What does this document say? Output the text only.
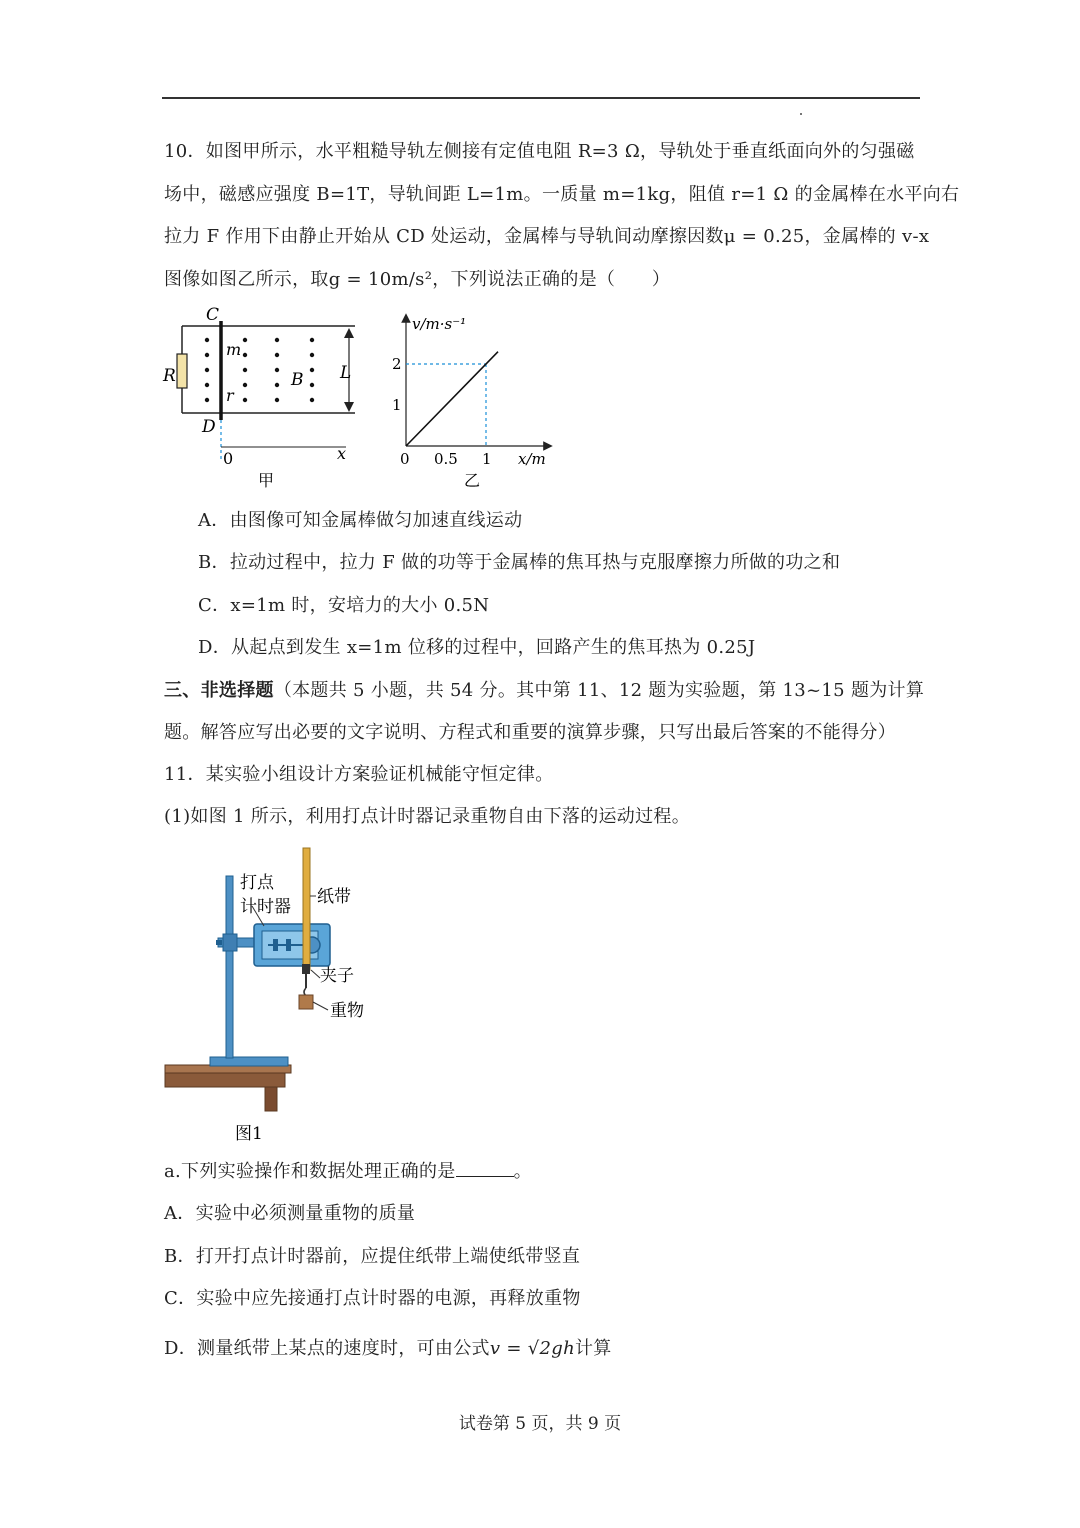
10．如图甲所示，水平粗糙导轨左侧接有定值电阻 R=3 Ω，导轨处于垂直纸面向外的匀强磁
场中，磁感应强度 B=1T，导轨间距 L=1m。一质量 m=1kg，阻值 r=1 Ω 的金属棒在水平向右
拉力 F 作用下由静止开始从 CD 处运动，金属棒与导轨间动摩擦因数μ = 0.25，金属棒的 v-x
图像如图乙所示，取g = 10m/s²，下列说法正确的是（　　）
C
D
R
m
r
B L
0	x
甲
1
2
0 0.5 1
v/m·s⁻¹
x/m
乙
A．由图像可知金属棒做匀加速直线运动
B．拉动过程中，拉力 F 做的功等于金属棒的焦耳热与克服摩擦力所做的功之和
C．x=1m 时，安培力的大小 0.5N
D．从起点到发生 x=1m 位移的过程中，回路产生的焦耳热为 0.25J
三、非选择题（本题共 5 小题，共 54 分。其中第 11、12 题为实验题，第 13~15 题为计算
题。解答应写出必要的文字说明、方程式和重要的演算步骤，只写出最后答案的不能得分）
11．某实验小组设计方案验证机械能守恒定律。
(1)如图 1 所示，利用打点计时器记录重物自由下落的运动过程。
打点
计时器 纸带
夹子
重物
图1
a.下列实验操作和数据处理正确的是	。
A．实验中必须测量重物的质量
B．打开打点计时器前，应提住纸带上端使纸带竖直
C．实验中应先接通打点计时器的电源，再释放重物
D．测量纸带上某点的速度时，可由公式v = √2gh计算
试卷第 5 页，共 9 页
